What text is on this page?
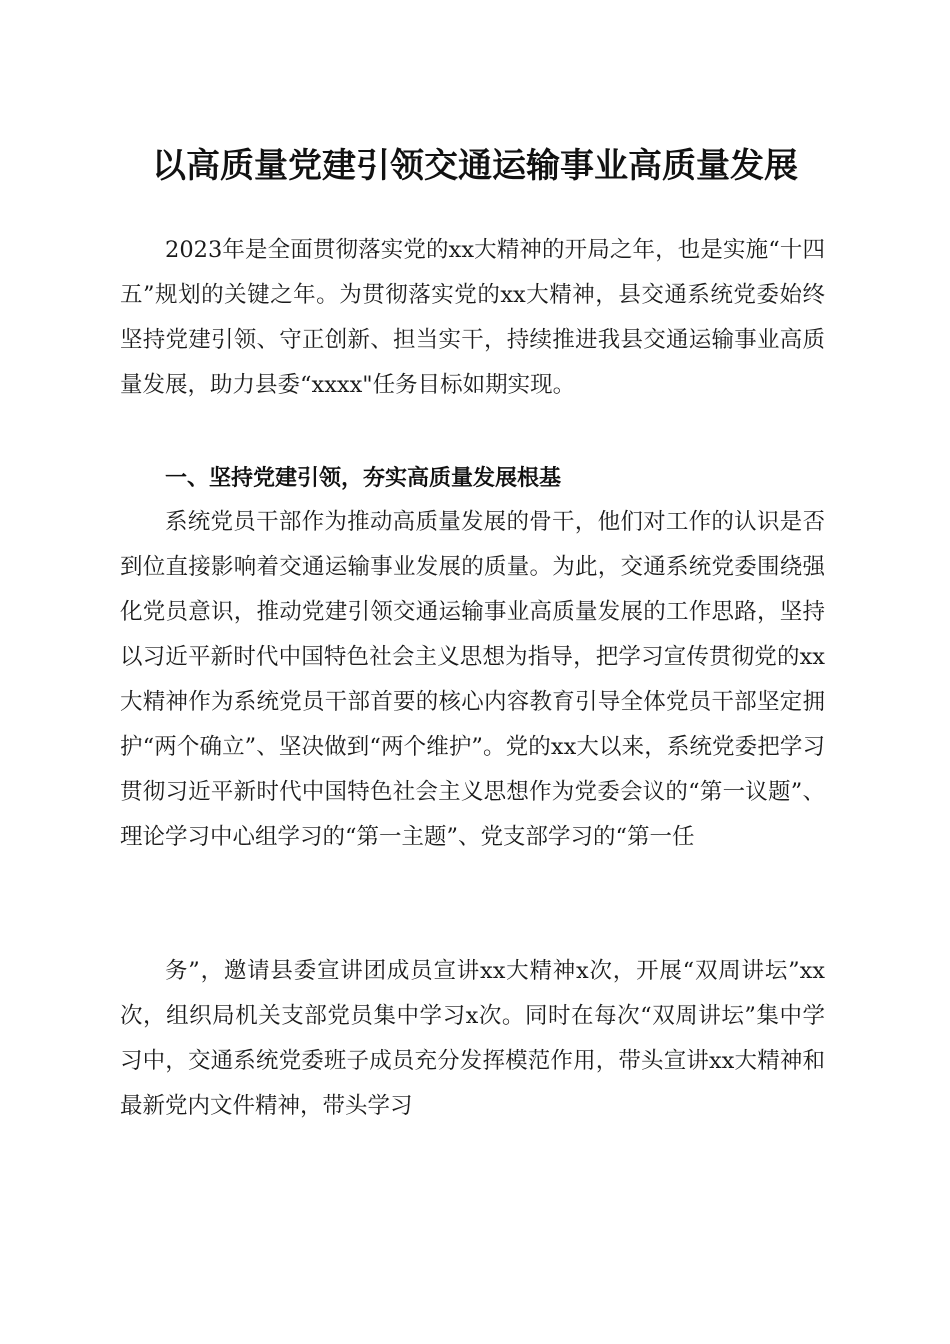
以高质量党建引领交通运输事业高质量发展
2023年是全面贯彻落实党的xx大精神的开局之年，也是实施“十四五”规划的关键之年。为贯彻落实党的xx大精神，县交通系统党委始终坚持党建引领、守正创新、担当实干，持续推进我县交通运输事业高质量发展，助力县委“xxxx"任务目标如期实现。
一、坚持党建引领，夯实高质量发展根基
系统党员干部作为推动高质量发展的骨干，他们对工作的认识是否到位直接影响着交通运输事业发展的质量。为此，交通系统党委围绕强化党员意识，推动党建引领交通运输事业高质量发展的工作思路，坚持以习近平新时代中国特色社会主义思想为指导，把学习宣传贯彻党的xx大精神作为系统党员干部首要的核心内容教育引导全体党员干部坚定拥护“两个确立”、坚决做到“两个维护”。党的xx大以来，系统党委把学习贯彻习近平新时代中国特色社会主义思想作为党委会议的“第一议题”、理论学习中心组学习的“第一主题”、党支部学习的“第一任
务”，邀请县委宣讲团成员宣讲xx大精神x次，开展“双周讲坛”xx次，组织局机关支部党员集中学习x次。同时在每次“双周讲坛”集中学习中，交通系统党委班子成员充分发挥模范作用，带头宣讲xx大精神和最新党内文件精神，带头学习
